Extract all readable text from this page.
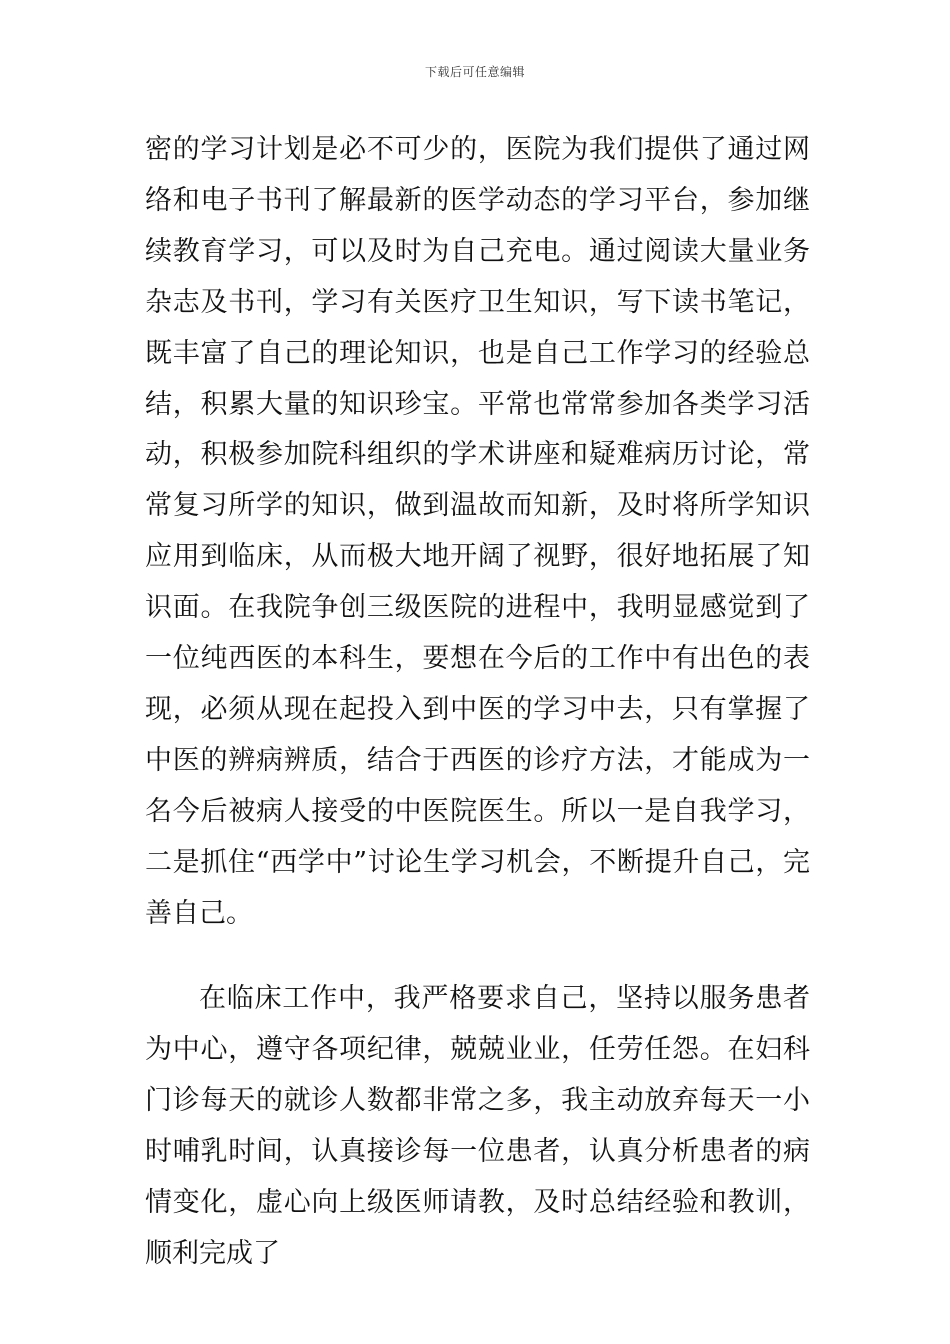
下载后可任意编辑

密的学习计划是必不可少的，医院为我们提供了通过网络和电子书刊了解最新的医学动态的学习平台，参加继续教育学习，可以及时为自己充电。通过阅读大量业务杂志及书刊，学习有关医疗卫生知识，写下读书笔记，既丰富了自己的理论知识，也是自己工作学习的经验总结，积累大量的知识珍宝。平常也常常参加各类学习活动，积极参加院科组织的学术讲座和疑难病历讨论，常常复习所学的知识，做到温故而知新，及时将所学知识应用到临床，从而极大地开阔了视野，很好地拓展了知识面。在我院争创三级医院的进程中，我明显感觉到了一位纯西医的本科生，要想在今后的工作中有出色的表现，必须从现在起投入到中医的学习中去，只有掌握了中医的辨病辨质，结合于西医的诊疗方法，才能成为一名今后被病人接受的中医院医生。所以一是自我学习，二是抓住“西学中”讨论生学习机会，不断提升自己，完善自己。

在临床工作中，我严格要求自己，坚持以服务患者为中心，遵守各项纪律，兢兢业业，任劳任怨。在妇科门诊每天的就诊人数都非常之多，我主动放弃每天一小时哺乳时间，认真接诊每一位患者，认真分析患者的病情变化，虚心向上级医师请教，及时总结经验和教训，顺利完成了
